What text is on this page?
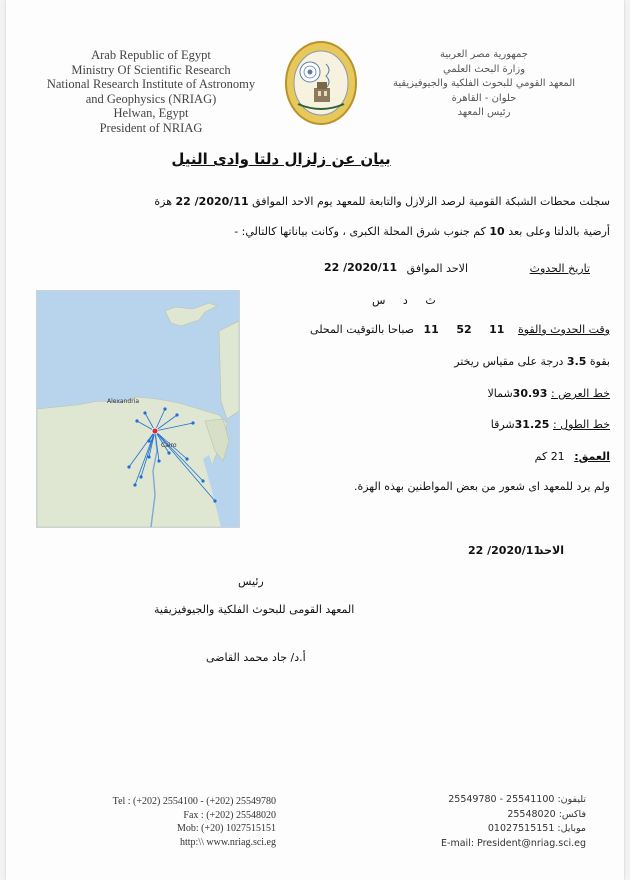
Arab Republic of Egypt
Ministry Of Scientific Research
National Research Institute of Astronomy
and Geophysics (NRIAG)
Helwan, Egypt
President of NRIAG
جمهورية مصر العربية
وزارة البحث العلمي
المعهد القومي للبحوث الفلكية والجيوفيزيقية
حلوان - القاهرة
رئيس المعهد
بيان عن زلزال دلتا وادى النيل
سجلت محطات الشبكة القومية لرصد الزلازل والتابعة للمعهد يوم الاحد الموافق 22 /2020/11 هزة
أرضية بالدلتا وعلى بعد 10 كم جنوب شرق المحلة الكبرى ، وكانت بياناتها كالتالي: -
تاريخ الحدوث
الاحد الموافق
22 /2020/11
ث د س
وقت الحدوث والقوة 11 52 11 صباحا بالتوقيت المحلى
بقوة 3.5 درجة على مقياس ريختر
خط العرض : 30.93شمالا
خط الطول : 31.25شرقا
العمق: 21 كم
ولم يرد للمعهد اى شعور من بعض المواطنين بهذه الهزة.
Alexandria
Cairo
الاحد
22 /2020/11
رئيس
المعهد القومى للبحوث الفلكية والجيوفيزيقية
أ.د/ جاد محمد القاضى
Tel : (+202) 2554100 - (+202) 25549780
Fax : (+202) 25548020
Mob: (+20) 1027515151
http:\\ www.nriag.sci.eg
تليفون: 25549780 - 25541100
فاكس: 25548020
موبايل: 01027515151
E-mail: President@nriag.sci.eg
